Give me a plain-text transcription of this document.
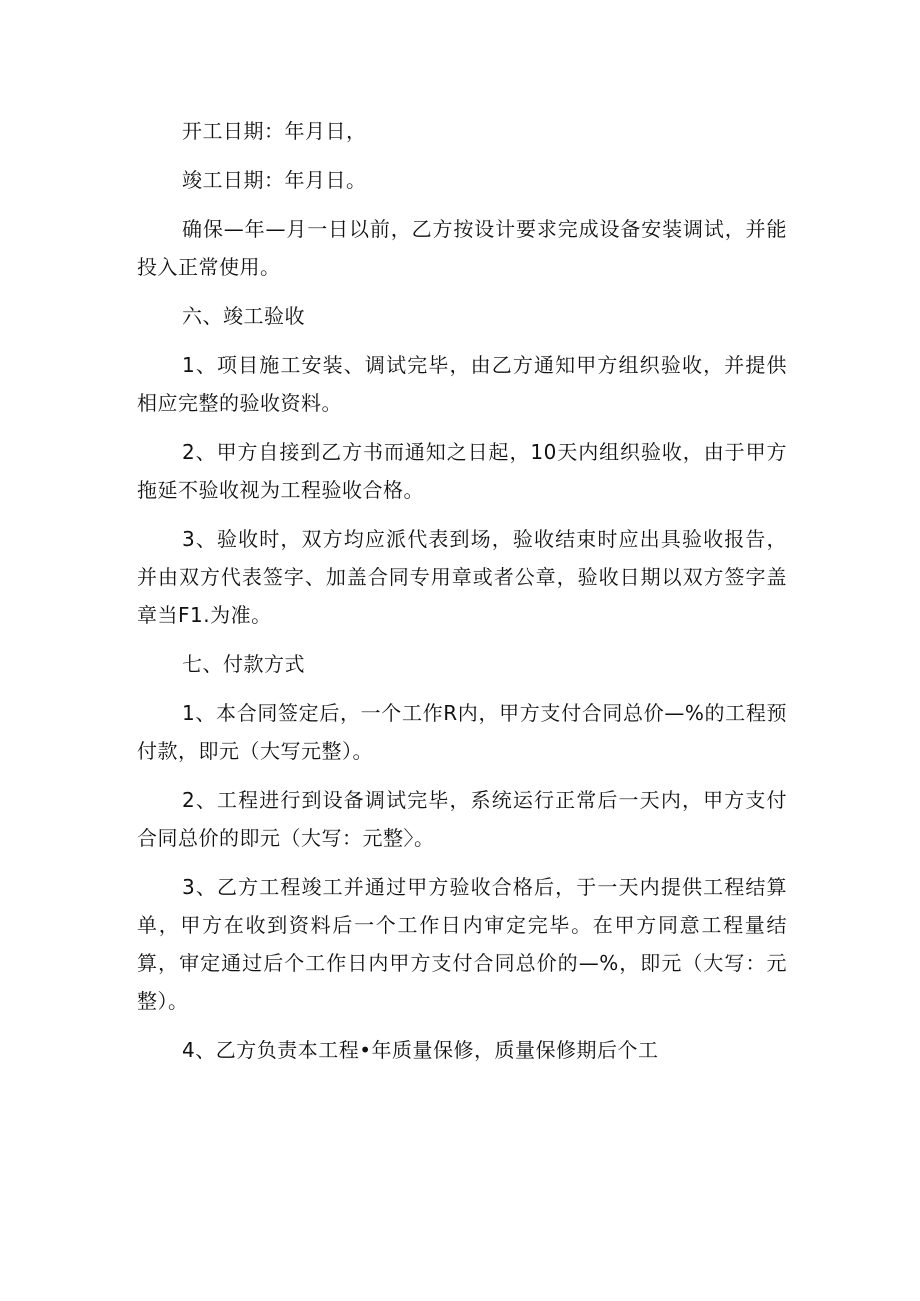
开工日期：年月日，

竣工日期：年月日。

确保—年—月一日以前，乙方按设计要求完成设备安装调试，并能投入正常使用。

六、竣工验收

1、项目施工安装、调试完毕，由乙方通知甲方组织验收，并提供相应完整的验收资料。

2、甲方自接到乙方书而通知之日起，10天内组织验收，由于甲方拖延不验收视为工程验收合格。

3、验收时，双方均应派代表到场，验收结束时应出具验收报告，并由双方代表签字、加盖合同专用章或者公章，验收日期以双方签字盖章当F1.为准。

七、付款方式

1、本合同签定后，一个工作R内，甲方支付合同总价—%的工程预付款，即元（大写元整）。

2、工程进行到设备调试完毕，系统运行正常后一天内，甲方支付合同总价的即元（大写：元整〉。

3、乙方工程竣工并通过甲方验收合格后，于一天内提供工程结算单，甲方在收到资料后一个工作日内审定完毕。在甲方同意工程量结算，审定通过后个工作日内甲方支付合同总价的—%，即元（大写：元整）。

4、乙方负责本工程•年质量保修，质量保修期后个工
